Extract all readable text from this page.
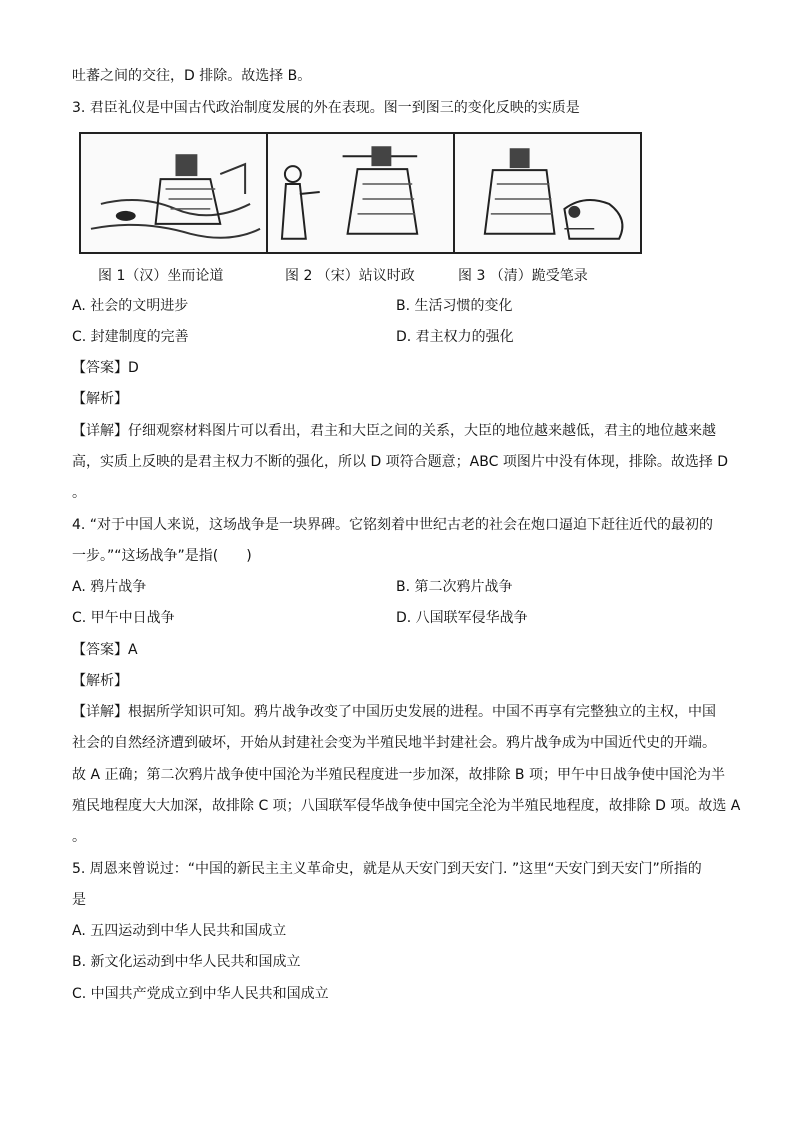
吐蕃之间的交往，D 排除。故选择 B。
3. 君臣礼仪是中国古代政治制度发展的外在表现。图一到图三的变化反映的实质是
图 1（汉）坐而论道	图 2 （宋）站议时政	图 3 （清）跪受笔录
A. 社会的文明进步	B. 生活习惯的变化
C. 封建制度的完善	D. 君主权力的强化
【答案】D
【解析】
【详解】仔细观察材料图片可以看出，君主和大臣之间的关系，大臣的地位越来越低，君主的地位越来越
高，实质上反映的是君主权力不断的强化，所以 D 项符合题意；ABC 项图片中没有体现，排除。故选择 D
。
4. “对于中国人来说，这场战争是一块界碑。它铭刻着中世纪古老的社会在炮口逼迫下赶往近代的最初的
一步。”“这场战争”是指(　　)
A. 鸦片战争	B. 第二次鸦片战争
C. 甲午中日战争	D. 八国联军侵华战争
【答案】A
【解析】
【详解】根据所学知识可知。鸦片战争改变了中国历史发展的进程。中国不再享有完整独立的主权，中国
社会的自然经济遭到破坏，开始从封建社会变为半殖民地半封建社会。鸦片战争成为中国近代史的开端。
故 A 正确；第二次鸦片战争使中国沦为半殖民程度进一步加深，故排除 B 项；甲午中日战争使中国沦为半
殖民地程度大大加深，故排除 C 项；八国联军侵华战争使中国完全沦为半殖民地程度，故排除 D 项。故选 A
。
5. 周恩来曾说过：“中国的新民主主义革命史，就是从天安门到天安门. ”这里“天安门到天安门”所指的
是
A. 五四运动到中华人民共和国成立
B. 新文化运动到中华人民共和国成立
C. 中国共产党成立到中华人民共和国成立
